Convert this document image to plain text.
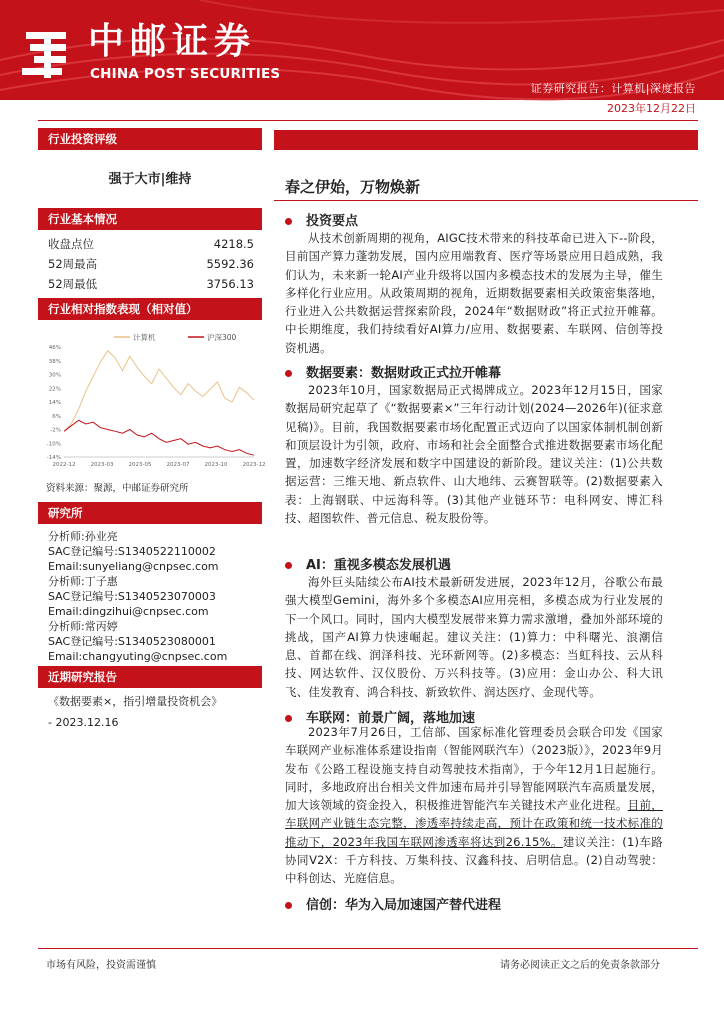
中邮证券
CHINA POST SECURITIES
证券研究报告：计算机|深度报告
2023年12月22日
行业投资评级
强于大市|维持
行业基本情况
收盘点位	4218.5
52周最高	5592.36
52周最低	3756.13
行业相对指数表现（相对值）
计算机	沪深300
46%
38%
30%
22%
14%
6%
-2%
-10%
-14%
2022-12	2023-03	2023-05	2023-07	2023-10	2023-12
资料来源：聚源，中邮证券研究所
研究所
分析师:孙业亮
SAC登记编号:S1340522110002
Email:sunyeliang@cnpsec.com
分析师:丁子惠
SAC登记编号:S1340523070003
Email:dingzihui@cnpsec.com
分析师:常丙婷
SAC登记编号:S1340523080001
Email:changyuting@cnpsec.com
近期研究报告
《数据要素×，指引增量投资机会》
- 2023.12.16
春之伊始，万物焕新
投资要点
从技术创新周期的视角，AIGC技术带来的科技革命已进入下--阶段，目前国产算力蓬勃发展，国内应用端教育、医疗等场景应用日趋成熟，我们认为，未来新一轮AI产业升级将以国内多模态技术的发展为主导，催生多样化行业应用。从政策周期的视角，近期数据要素相关政策密集落地，行业进入公共数据运营探索阶段，2024年“数据财政”将正式拉开帷幕。中长期维度，我们持续看好AI算力/应用、数据要素、车联网、信创等投资机遇。
数据要素：数据财政正式拉开帷幕
2023年10月，国家数据局正式揭牌成立。2023年12月15日，国家数据局研究起草了《“数据要素×”三年行动计划(2024—2026年)(征求意见稿)》。目前，我国数据要素市场化配置正式迈向了以国家体制机制创新和顶层设计为引领，政府、市场和社会全面整合式推进数据要素市场化配置，加速数字经济发展和数字中国建设的新阶段。建议关注：(1)公共数据运营：三维天地、新点软件、山大地纬、云赛智联等。(2)数据要素入表：上海钢联、中远海科等。(3)其他产业链环节：电科网安、博汇科技、超图软件、普元信息、税友股份等。
AI：重视多模态发展机遇
海外巨头陆续公布AI技术最新研发进展，2023年12月，谷歌公布最强大模型Gemini，海外多个多模态AI应用亮相，多模态成为行业发展的下一个风口。同时，国内大模型发展带来算力需求激增，叠加外部环境的挑战，国产AI算力快速崛起。建议关注：(1)算力：中科曙光、浪潮信息、首都在线、润泽科技、光环新网等。(2)多模态：当虹科技、云从科技、网达软件、汉仪股份、万兴科技等。(3)应用：金山办公、科大讯飞、佳发教育、鸿合科技、新致软件、润达医疗、金现代等。
车联网：前景广阔，落地加速
2023年7月26日，工信部、国家标准化管理委员会联合印发《国家车联网产业标准体系建设指南（智能网联汽车）（2023版）》，2023年9月发布《公路工程设施支持自动驾驶技术指南》，于今年12月1日起施行。同时，多地政府出台相关文件加速布局并引导智能网联汽车高质量发展，加大该领域的资金投入，积极推进智能汽车关键技术产业化进程。目前，车联网产业链生态完整，渗透率持续走高，预计在政策和统一技术标准的推动下，2023年我国车联网渗透率将达到26.15%。建议关注：(1)车路协同V2X：千方科技、万集科技、汉鑫科技、启明信息。(2)自动驾驶：中科创达、光庭信息。
信创：华为入局加速国产替代进程
市场有风险，投资需谨慎	请务必阅读正文之后的免责条款部分
